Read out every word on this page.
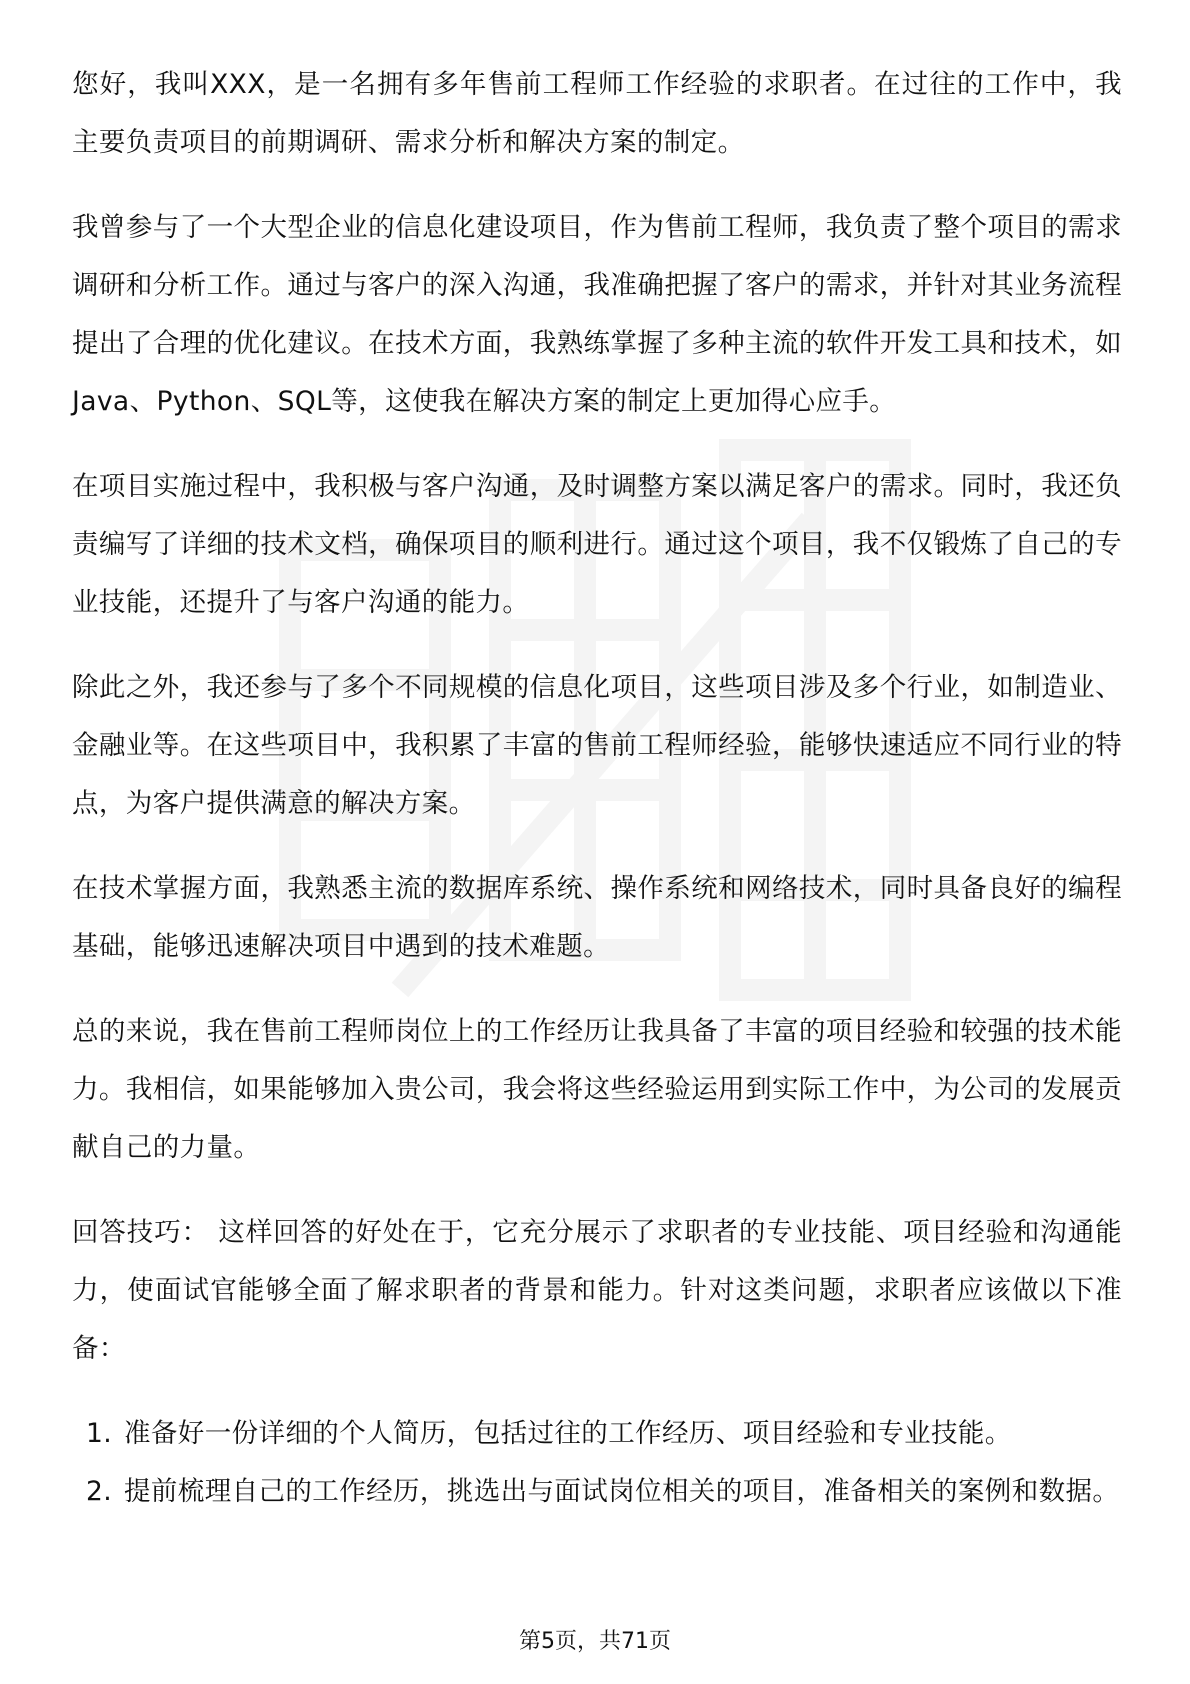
您好，我叫XXX，是一名拥有多年售前工程师工作经验的求职者。在过往的工作中，我主要负责项目的前期调研、需求分析和解决方案的制定。

我曾参与了一个大型企业的信息化建设项目，作为售前工程师，我负责了整个项目的需求调研和分析工作。通过与客户的深入沟通，我准确把握了客户的需求，并针对其业务流程提出了合理的优化建议。在技术方面，我熟练掌握了多种主流的软件开发工具和技术，如Java、Python、SQL等，这使我在解决方案的制定上更加得心应手。

在项目实施过程中，我积极与客户沟通，及时调整方案以满足客户的需求。同时，我还负责编写了详细的技术文档，确保项目的顺利进行。通过这个项目，我不仅锻炼了自己的专业技能，还提升了与客户沟通的能力。

除此之外，我还参与了多个不同规模的信息化项目，这些项目涉及多个行业，如制造业、金融业等。在这些项目中，我积累了丰富的售前工程师经验，能够快速适应不同行业的特点，为客户提供满意的解决方案。

在技术掌握方面，我熟悉主流的数据库系统、操作系统和网络技术，同时具备良好的编程基础，能够迅速解决项目中遇到的技术难题。

总的来说，我在售前工程师岗位上的工作经历让我具备了丰富的项目经验和较强的技术能力。我相信，如果能够加入贵公司，我会将这些经验运用到实际工作中，为公司的发展贡献自己的力量。

回答技巧： 这样回答的好处在于，它充分展示了求职者的专业技能、项目经验和沟通能力，使面试官能够全面了解求职者的背景和能力。针对这类问题，求职者应该做以下准备：

1. 准备好一份详细的个人简历，包括过往的工作经历、项目经验和专业技能。
2. 提前梳理自己的工作经历，挑选出与面试岗位相关的项目，准备相关的案例和数据。
第5页，共71页
